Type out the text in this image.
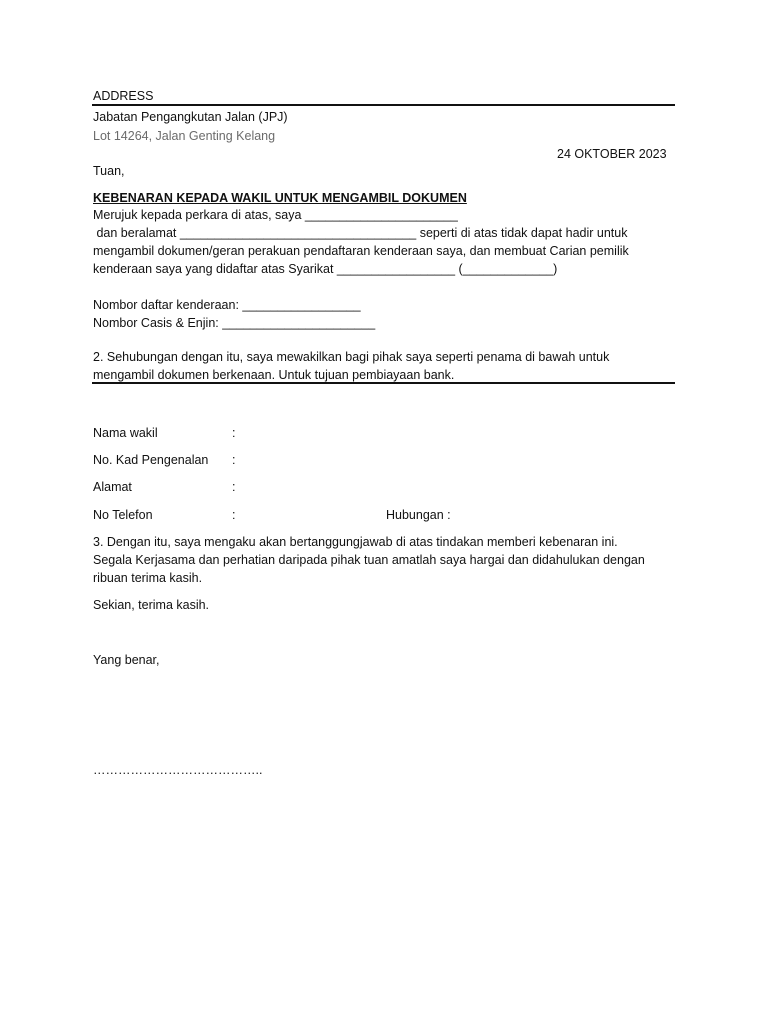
ADDRESS
Jabatan Pengangkutan Jalan (JPJ)
Lot 14264, Jalan Genting Kelang
24 OKTOBER 2023
Tuan,
KEBENARAN KEPADA WAKIL UNTUK MENGAMBIL DOKUMEN
Merujuk kepada perkara di atas, saya ______________________
dan beralamat __________________________________ seperti di atas tidak dapat hadir untuk
mengambil dokumen/geran perakuan pendaftaran kenderaan saya, dan membuat Carian pemilik
kenderaan saya yang didaftar atas Syarikat _________________ (_____________)
Nombor daftar kenderaan: _________________
Nombor Casis & Enjin: ______________________
2. Sehubungan dengan itu, saya mewakilkan bagi pihak saya seperti penama di bawah untuk
mengambil dokumen berkenaan. Untuk tujuan pembiayaan bank.
Nama wakil	:
No. Kad Pengenalan :
Alamat	:
No Telefon	:	Hubungan :
3. Dengan itu, saya mengaku akan bertanggungjawab di atas tindakan memberi kebenaran ini.
Segala Kerjasama dan perhatian daripada pihak tuan amatlah saya hargai dan didahulukan dengan
ribuan terima kasih.
Sekian, terima kasih.
Yang benar,
…………………………………..
